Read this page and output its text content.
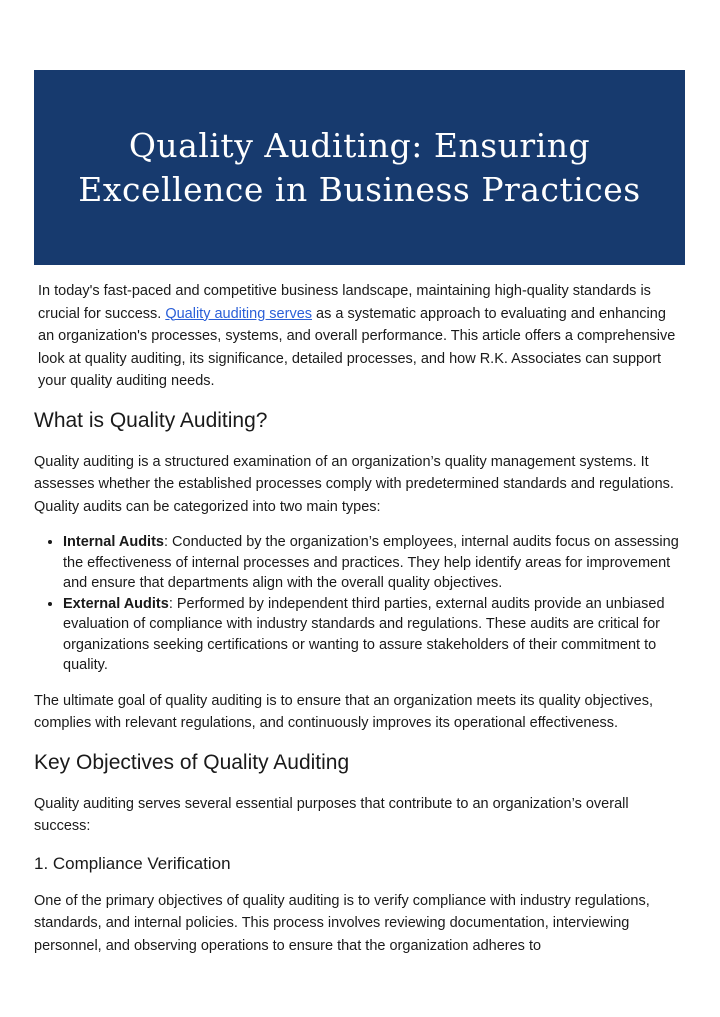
Quality Auditing: Ensuring Excellence in Business Practices

In today's fast-paced and competitive business landscape, maintaining high-quality standards is crucial for success. Quality auditing serves as a systematic approach to evaluating and enhancing an organization's processes, systems, and overall performance. This article offers a comprehensive look at quality auditing, its significance, detailed processes, and how R.K. Associates can support your quality auditing needs.

What is Quality Auditing?

Quality auditing is a structured examination of an organization’s quality management systems. It assesses whether the established processes comply with predetermined standards and regulations. Quality audits can be categorized into two main types:

• Internal Audits: Conducted by the organization’s employees, internal audits focus on assessing the effectiveness of internal processes and practices. They help identify areas for improvement and ensure that departments align with the overall quality objectives.
• External Audits: Performed by independent third parties, external audits provide an unbiased evaluation of compliance with industry standards and regulations. These audits are critical for organizations seeking certifications or wanting to assure stakeholders of their commitment to quality.

The ultimate goal of quality auditing is to ensure that an organization meets its quality objectives, complies with relevant regulations, and continuously improves its operational effectiveness.

Key Objectives of Quality Auditing

Quality auditing serves several essential purposes that contribute to an organization’s overall success:

1. Compliance Verification

One of the primary objectives of quality auditing is to verify compliance with industry regulations, standards, and internal policies. This process involves reviewing documentation, interviewing personnel, and observing operations to ensure that the organization adheres to
